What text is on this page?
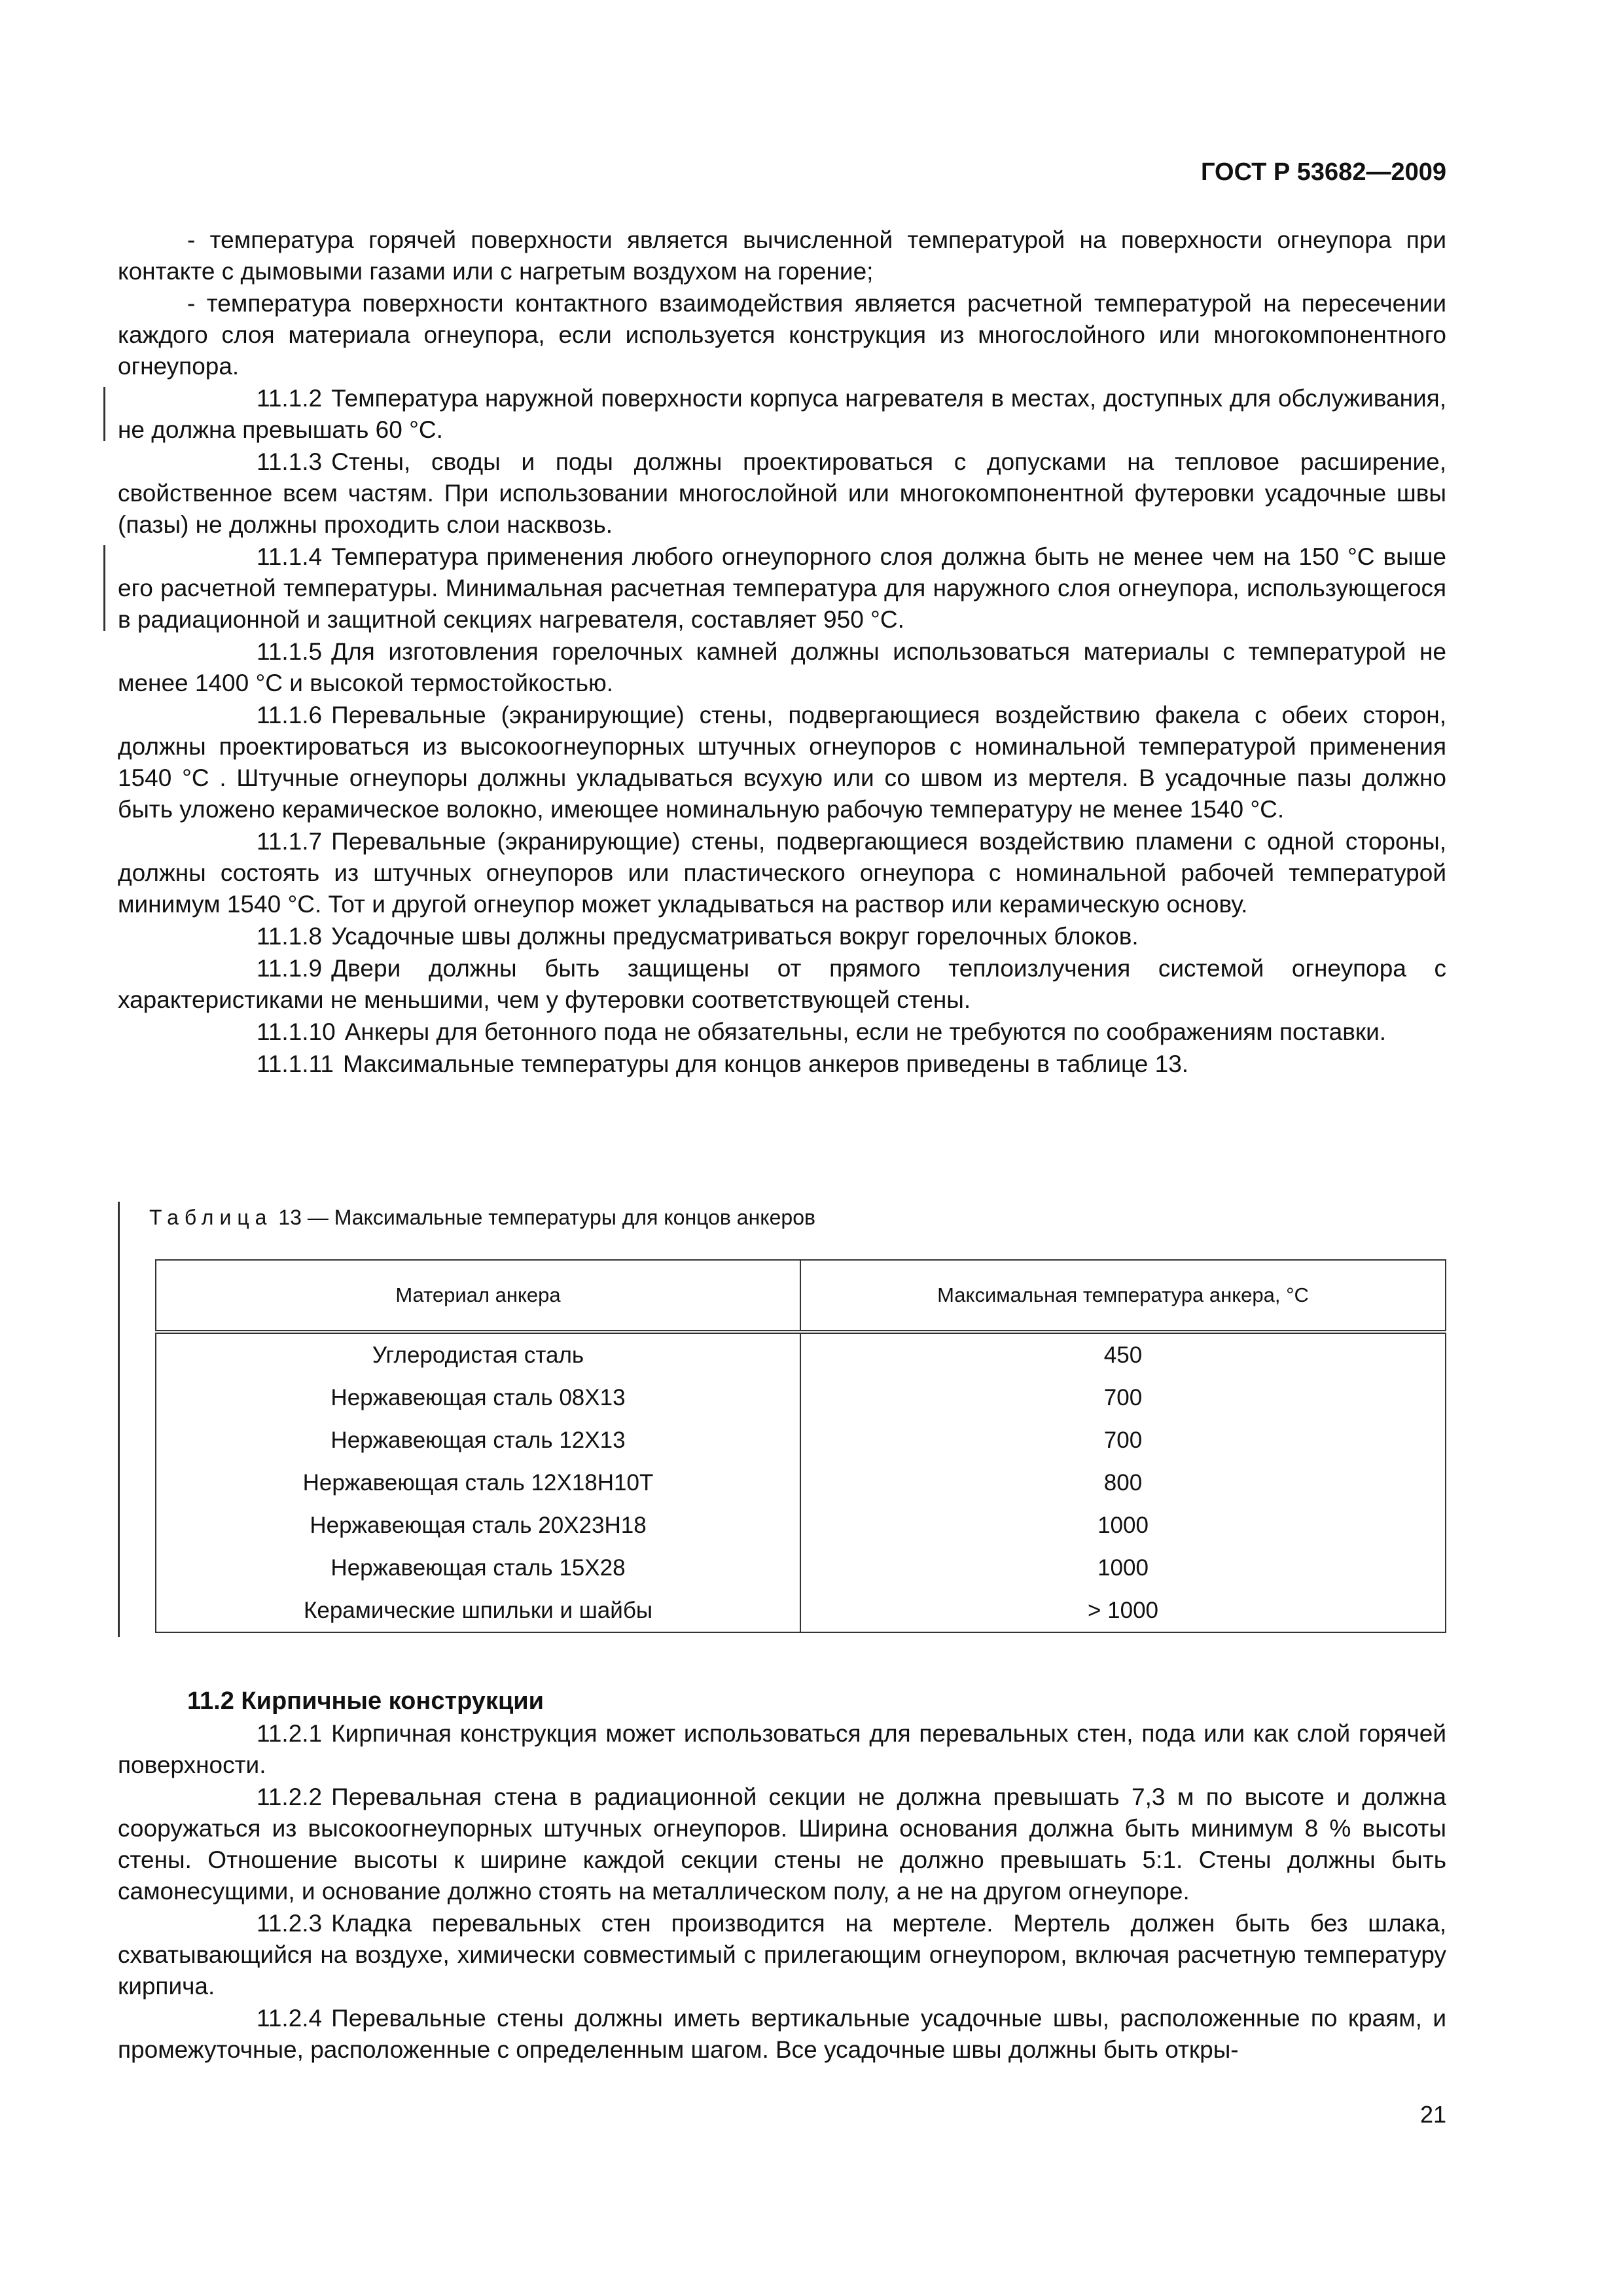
ГОСТ Р 53682—2009

- температура горячей поверхности является вычисленной температурой на поверхности огнеупора при контакте с дымовыми газами или с нагретым воздухом на горение;

- температура поверхности контактного взаимодействия является расчетной температурой на пересечении каждого слоя материала огнеупора, если используется конструкция из многослойного или многокомпонентного огнеупора.

11.1.2 Температура наружной поверхности корпуса нагревателя в местах, доступных для обслуживания, не должна превышать 60 °С.

11.1.3 Стены, своды и поды должны проектироваться с допусками на тепловое расширение, свойственное всем частям. При использовании многослойной или многокомпонентной футеровки усадочные швы (пазы) не должны проходить слои насквозь.

11.1.4 Температура применения любого огнеупорного слоя должна быть не менее чем на 150 °С выше его расчетной температуры. Минимальная расчетная температура для наружного слоя огнеупора, использующегося в радиационной и защитной секциях нагревателя, составляет 950 °С.

11.1.5 Для изготовления горелочных камней должны использоваться материалы с температурой не менее 1400 °С и высокой термостойкостью.

11.1.6 Перевальные (экранирующие) стены, подвергающиеся воздействию факела с обеих сторон, должны проектироваться из высокоогнеупорных штучных огнеупоров с номинальной температурой применения 1540 °С . Штучные огнеупоры должны укладываться всухую или со швом из мертеля. В усадочные пазы должно быть уложено керамическое волокно, имеющее номинальную рабочую температуру не менее 1540 °С.

11.1.7 Перевальные (экранирующие) стены, подвергающиеся воздействию пламени с одной стороны, должны состоять из штучных огнеупоров или пластического огнеупора с номинальной рабочей температурой минимум 1540 °С. Тот и другой огнеупор может укладываться на раствор или керамическую основу.

11.1.8 Усадочные швы должны предусматриваться вокруг горелочных блоков.

11.1.9 Двери должны быть защищены от прямого теплоизлучения системой огнеупора с характеристиками не меньшими, чем у футеровки соответствующей стены.

11.1.10 Анкеры для бетонного пода не обязательны, если не требуются по соображениям поставки.

11.1.11 Максимальные температуры для концов анкеров приведены в таблице 13.

Таблица 13 — Максимальные температуры для концов анкеров
Материал анкера	Максимальная температура анкера, °С
Углеродистая сталь	450
Нержавеющая сталь 08Х13	700
Нержавеющая сталь 12Х13	700
Нержавеющая сталь 12Х18Н10Т	800
Нержавеющая сталь 20Х23Н18	1000
Нержавеющая сталь 15Х28	1000
Керамические шпильки и шайбы	> 1000
11.2 Кирпичные конструкции

11.2.1 Кирпичная конструкция может использоваться для перевальных стен, пода или как слой горячей поверхности.

11.2.2 Перевальная стена в радиационной секции не должна превышать 7,3 м по высоте и должна сооружаться из высокоогнеупорных штучных огнеупоров. Ширина основания должна быть минимум 8 % высоты стены. Отношение высоты к ширине каждой секции стены не должно превышать 5:1. Стены должны быть самонесущими, и основание должно стоять на металлическом полу, а не на другом огнеупоре.

11.2.3 Кладка перевальных стен производится на мертеле. Мертель должен быть без шлака, схватывающийся на воздухе, химически совместимый с прилегающим огнеупором, включая расчетную температуру кирпича.

11.2.4 Перевальные стены должны иметь вертикальные усадочные швы, расположенные по краям, и промежуточные, расположенные с определенным шагом. Все усадочные швы должны быть откры-

21
